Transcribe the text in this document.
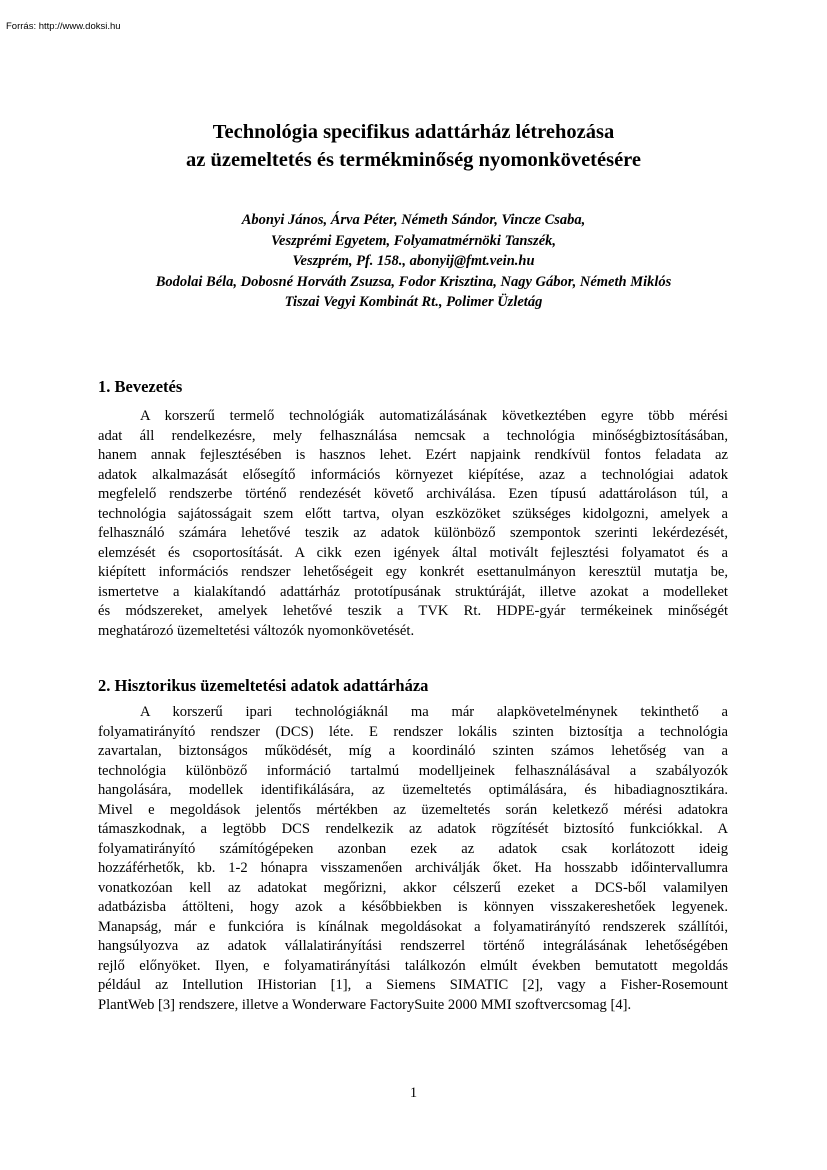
Forrás: http://www.doksi.hu
Technológia specifikus adattárház létrehozása
az üzemeltetés és termékminőség nyomonkövetésére
Abonyi János, Árva Péter, Németh Sándor, Vincze Csaba,
Veszprémi Egyetem, Folyamatmérnöki Tanszék,
Veszprém, Pf. 158., abonyij@fmt.vein.hu
Bodolai Béla, Dobosné Horváth Zsuzsa, Fodor Krisztina, Nagy Gábor, Németh Miklós
Tiszai Vegyi Kombinát Rt., Polimer Üzletág
1. Bevezetés
A korszerű termelő technológiák automatizálásának következtében egyre több mérési
adat áll rendelkezésre, mely felhasználása nemcsak a technológia minőségbiztosításában,
hanem annak fejlesztésében is hasznos lehet. Ezért napjaink rendkívül fontos feladata az
adatok alkalmazását elősegítő információs környezet kiépítése, azaz a technológiai adatok
megfelelő rendszerbe történő rendezését követő archiválása. Ezen típusú adattároláson túl, a
technológia sajátosságait szem előtt tartva, olyan eszközöket szükséges kidolgozni, amelyek a
felhasználó számára lehetővé teszik az adatok különböző szempontok szerinti lekérdezését,
elemzését és csoportosítását. A cikk ezen igények által motivált fejlesztési folyamatot és a
kiépített információs rendszer lehetőségeit egy konkrét esettanulmányon keresztül mutatja be,
ismertetve a kialakítandó adattárház prototípusának struktúráját, illetve azokat a modelleket
és módszereket, amelyek lehetővé teszik a TVK Rt. HDPE-gyár termékeinek minőségét
meghatározó üzemeltetési változók nyomonkövetését.
2. Hisztorikus üzemeltetési adatok adattárháza
A korszerű ipari technológiáknál ma már alapkövetelménynek tekinthető a
folyamatirányító rendszer (DCS) léte. E rendszer lokális szinten biztosítja a technológia
zavartalan, biztonságos működését, míg a koordináló szinten számos lehetőség van a
technológia különböző információ tartalmú modelljeinek felhasználásával a szabályozók
hangolására, modellek identifikálására, az üzemeltetés optimálására, és hibadiagnosztikára.
Mivel e megoldások jelentős mértékben az üzemeltetés során keletkező mérési adatokra
támaszkodnak, a legtöbb DCS rendelkezik az adatok rögzítését biztosító funkciókkal. A
folyamatirányító számítógépeken azonban ezek az adatok csak korlátozott ideig
hozzáférhetők, kb. 1-2 hónapra visszamenően archiválják őket. Ha hosszabb időintervallumra
vonatkozóan kell az adatokat megőrizni, akkor célszerű ezeket a DCS-ből valamilyen
adatbázisba áttölteni, hogy azok a későbbiekben is könnyen visszakereshetőek legyenek.
Manapság, már e funkcióra is kínálnak megoldásokat a folyamatirányító rendszerek szállítói,
hangsúlyozva az adatok vállalatirányítási rendszerrel történő integrálásának lehetőségében
rejlő előnyöket. Ilyen, e folyamatirányítási találkozón elmúlt években bemutatott megoldás
például az Intellution IHistorian [1], a Siemens SIMATIC [2], vagy a Fisher-Rosemount
PlantWeb [3] rendszere, illetve a Wonderware FactorySuite 2000 MMI szoftvercsomag [4].
1
